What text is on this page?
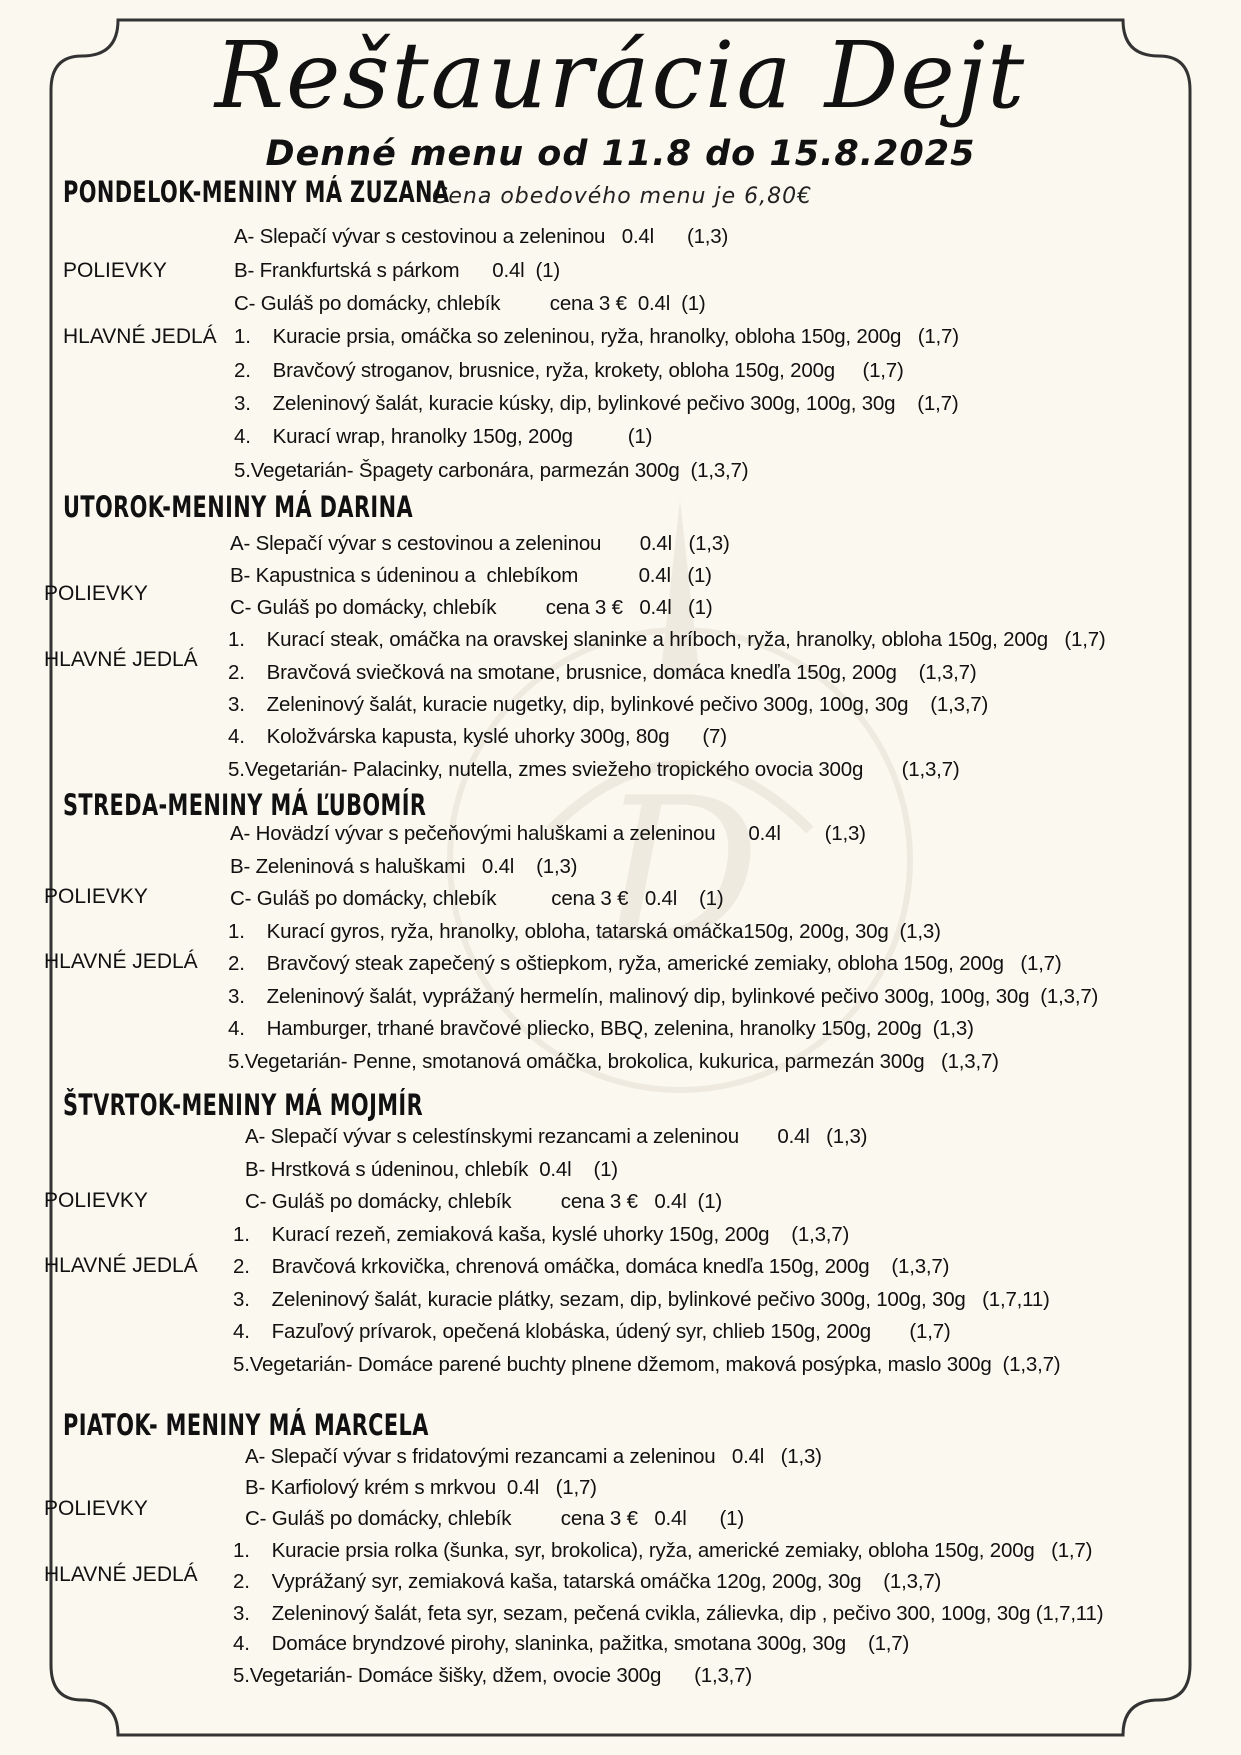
D
Reštaurácia Dejt
Denné menu od 11.8 do 15.8.2025
Cena obedového menu je 6,80€
PONDELOK-MENINY MÁ ZUZANA
POLIEVKY
HLAVNÉ JEDLÁ
A- Slepačí vývar s cestovinou a zeleninou   0.4l      (1,3)
B- Frankfurtská s párkom      0.4l  (1)
C- Guláš po domácky, chlebík         cena 3 €  0.4l  (1)
1.    Kuracie prsia, omáčka so zeleninou, ryža, hranolky, obloha 150g, 200g   (1,7)
2.    Bravčový stroganov, brusnice, ryža, krokety, obloha 150g, 200g     (1,7)
3.    Zeleninový šalát, kuracie kúsky, dip, bylinkové pečivo 300g, 100g, 30g    (1,7)
4.    Kurací wrap, hranolky 150g, 200g          (1)
5.Vegetarián- Špagety carbonára, parmezán 300g  (1,3,7)
UTOROK-MENINY MÁ DARINA
POLIEVKY
HLAVNÉ JEDLÁ
A- Slepačí vývar s cestovinou a zeleninou       0.4l   (1,3)
B- Kapustnica s údeninou a  chlebíkom           0.4l   (1)
C- Guláš po domácky, chlebík         cena 3 €   0.4l   (1)
1.    Kurací steak, omáčka na oravskej slaninke a hríboch, ryža, hranolky, obloha 150g, 200g   (1,7)
2.    Bravčová sviečková na smotane, brusnice, domáca knedľa 150g, 200g    (1,3,7)
3.    Zeleninový šalát, kuracie nugetky, dip, bylinkové pečivo 300g, 100g, 30g    (1,3,7)
4.    Koložvárska kapusta, kyslé uhorky 300g, 80g      (7)
5.Vegetarián- Palacinky, nutella, zmes sviežeho tropického ovocia 300g       (1,3,7)
STREDA-MENINY MÁ ĽUBOMÍR
POLIEVKY
HLAVNÉ JEDLÁ
A- Hovädzí vývar s pečeňovými haluškami a zeleninou      0.4l        (1,3)
B- Zeleninová s haluškami   0.4l    (1,3)
C- Guláš po domácky, chlebík          cena 3 €   0.4l    (1)
1.    Kurací gyros, ryža, hranolky, obloha, tatarská omáčka150g, 200g, 30g  (1,3)
2.    Bravčový steak zapečený s oštiepkom, ryža, americké zemiaky, obloha 150g, 200g   (1,7)
3.    Zeleninový šalát, vyprážaný hermelín, malinový dip, bylinkové pečivo 300g, 100g, 30g  (1,3,7)
4.    Hamburger, trhané bravčové pliecko, BBQ, zelenina, hranolky 150g, 200g  (1,3)
5.Vegetarián- Penne, smotanová omáčka, brokolica, kukurica, parmezán 300g   (1,3,7)
ŠTVRTOK-MENINY MÁ MOJMÍR
POLIEVKY
HLAVNÉ JEDLÁ
A- Slepačí vývar s celestínskymi rezancami a zeleninou       0.4l   (1,3)
B- Hrstková s údeninou, chlebík  0.4l    (1)
C- Guláš po domácky, chlebík         cena 3 €   0.4l  (1)
1.    Kurací rezeň, zemiaková kaša, kyslé uhorky 150g, 200g    (1,3,7)
2.    Bravčová krkovička, chrenová omáčka, domáca knedľa 150g, 200g    (1,3,7)
3.    Zeleninový šalát, kuracie plátky, sezam, dip, bylinkové pečivo 300g, 100g, 30g   (1,7,11)
4.    Fazuľový prívarok, opečená klobáska, údený syr, chlieb 150g, 200g       (1,7)
5.Vegetarián- Domáce parené buchty plnene džemom, maková posýpka, maslo 300g  (1,3,7)
PIATOK- MENINY MÁ MARCELA
POLIEVKY
HLAVNÉ JEDLÁ
A- Slepačí vývar s fridatovými rezancami a zeleninou   0.4l   (1,3)
B- Karfiolový krém s mrkvou  0.4l   (1,7)
C- Guláš po domácky, chlebík         cena 3 €   0.4l      (1)
1.    Kuracie prsia rolka (šunka, syr, brokolica), ryža, americké zemiaky, obloha 150g, 200g   (1,7)
2.    Vyprážaný syr, zemiaková kaša, tatarská omáčka 120g, 200g, 30g    (1,3,7)
3.    Zeleninový šalát, feta syr, sezam, pečená cvikla, zálievka, dip , pečivo 300, 100g, 30g (1,7,11)
4.    Domáce bryndzové pirohy, slaninka, pažitka, smotana 300g, 30g    (1,7)
5.Vegetarián- Domáce šišky, džem, ovocie 300g      (1,3,7)
